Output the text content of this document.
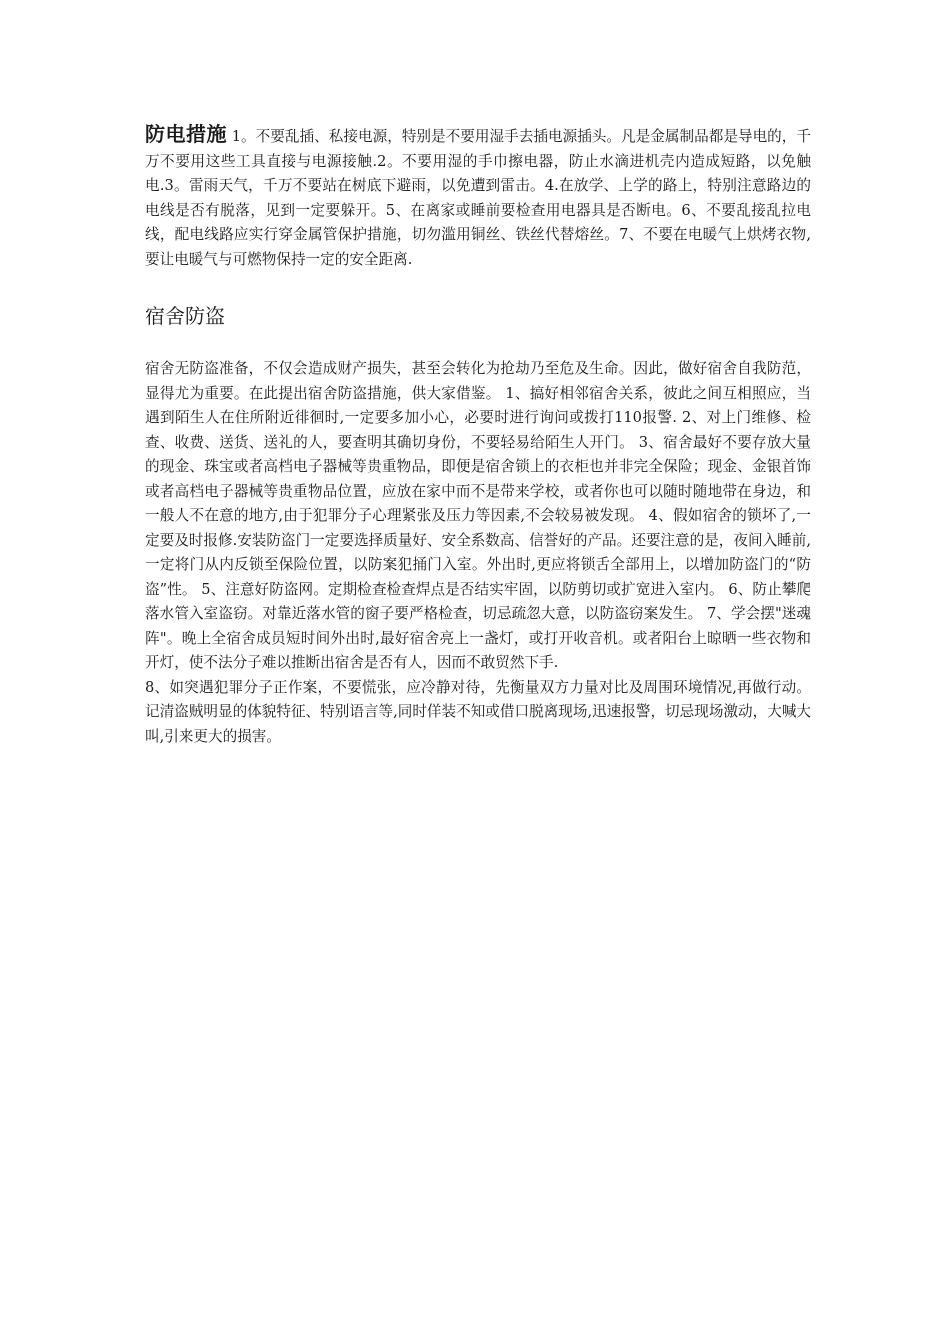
防电措施 1。不要乱插、私接电源，特别是不要用湿手去插电源插头。凡是金属制品都是导电的，千万不要用这些工具直接与电源接触.2。不要用湿的手巾擦电器，防止水滴进机壳内造成短路，以免触电.3。雷雨天气，千万不要站在树底下避雨，以免遭到雷击。4.在放学、上学的路上，特别注意路边的电线是否有脱落，见到一定要躲开。5、在离家或睡前要检查用电器具是否断电。6、不要乱接乱拉电线，配电线路应实行穿金属管保护措施，切勿滥用铜丝、铁丝代替熔丝。7、不要在电暖气上烘烤衣物,要让电暖气与可燃物保持一定的安全距离.

宿舍防盗

宿舍无防盗准备，不仅会造成财产损失，甚至会转化为抢劫乃至危及生命。因此，做好宿舍自我防范，显得尤为重要。在此提出宿舍防盗措施，供大家借鉴。 1、搞好相邻宿舍关系，彼此之间互相照应，当遇到陌生人在住所附近徘徊时,一定要多加小心，必要时进行询问或拨打110报警. 2、对上门维修、检查、收费、送货、送礼的人，要查明其确切身份，不要轻易给陌生人开门。 3、宿舍最好不要存放大量的现金、珠宝或者高档电子器械等贵重物品，即便是宿舍锁上的衣柜也并非完全保险；现金、金银首饰或者高档电子器械等贵重物品位置，应放在家中而不是带来学校，或者你也可以随时随地带在身边，和一般人不在意的地方,由于犯罪分子心理紧张及压力等因素,不会较易被发现。 4、假如宿舍的锁坏了,一定要及时报修.安装防盗门一定要选择质量好、安全系数高、信誉好的产品。还要注意的是，夜间入睡前,一定将门从内反锁至保险位置，以防案犯捅门入室。外出时,更应将锁舌全部用上，以增加防盗门的“防盗”性。 5、注意好防盗网。定期检查检查焊点是否结实牢固，以防剪切或扩宽进入室内。 6、防止攀爬落水管入室盗窃。对靠近落水管的窗子要严格检查，切忌疏忽大意，以防盗窃案发生。 7、学会摆"迷魂阵"。晚上全宿舍成员短时间外出时,最好宿舍亮上一盏灯，或打开收音机。或者阳台上晾晒一些衣物和开灯，使不法分子难以推断出宿舍是否有人，因而不敢贸然下手.

8、如突遇犯罪分子正作案，不要慌张，应冷静对待，先衡量双方力量对比及周围环境情况,再做行动。记清盗贼明显的体貌特征、特别语言等,同时佯装不知或借口脱离现场,迅速报警，切忌现场激动，大喊大叫,引来更大的损害。
